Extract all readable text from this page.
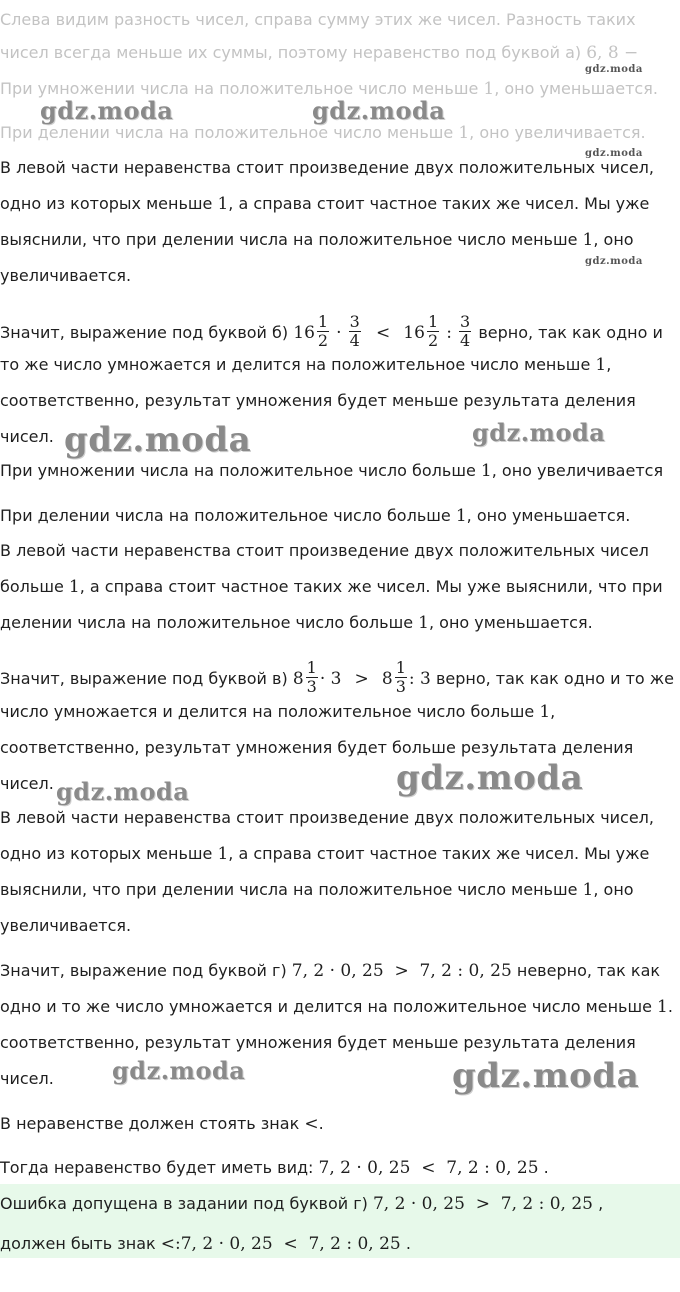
Слева видим разность чисел, справа сумму этих же чисел. Разность таких
чисел всегда меньше их суммы, поэтому неравенство под буквой а) 6, 8 −
При умножении числа на положительное число меньше 1, оно уменьшается.
При делении числа на положительное число меньше 1, оно увеличивается.
В левой части неравенства стоит произведение двух положительных чисел,
одно из которых меньше 1, а справа стоит частное таких же чисел. Мы уже
выяснили, что при делении числа на положительное число меньше 1, оно
увеличивается.
Значит, выражение под буквой б) $16 \frac{1}{2} \cdot \frac{3}{4} < 16 \frac{1}{2}$ : $\frac{3}{4}$ верно, так как одно и
то же число умножается и делится на положительное число меньше 1,
соответственно, результат умножения будет меньше результата деления
чисел.
При умножении числа на положительное число больше 1, оно увеличивается
При делении числа на положительное число больше 1, оно уменьшается.
В левой части неравенства стоит произведение двух положительных чисел
больше 1, а справа стоит частное таких же чисел. Мы уже выяснили, что при
делении числа на положительное число больше 1, оно уменьшается.
Значит, выражение под буквой в) $8 \frac{1}{3} \cdot 3 > 8 \frac{1}{3}$ : 3 верно, так как одно и то же
число умножается и делится на положительное число больше 1,
соответственно, результат умножения будет больше результата деления
чисел.
В левой части неравенства стоит произведение двух положительных чисел,
одно из которых меньше 1, а справа стоит частное таких же чисел. Мы уже
выяснили, что при делении числа на положительное число меньше 1, оно
увеличивается.
Значит, выражение под буквой г) 7, 2 · 0, 25  >  7, 2 : 0, 25 неверно, так как
одно и то же число умножается и делится на положительное число меньше 1.
соответственно, результат умножения будет меньше результата деления
чисел.
В неравенстве должен стоять знак <.
Тогда неравенство будет иметь вид: 7, 2 · 0, 25  <  7, 2 : 0, 25 .
Ошибка допущена в задании под буквой г) 7, 2 · 0, 25  >  7, 2 : 0, 25 ,
должен быть знак <:7, 2 · 0, 25  <  7, 2 : 0, 25 .
gdz.moda
gdz.moda	gdz.moda
gdz.moda
gdz.moda
gdz.moda	gdz.moda
gdz.moda	gdz.moda
gdz.moda	gdz.moda
